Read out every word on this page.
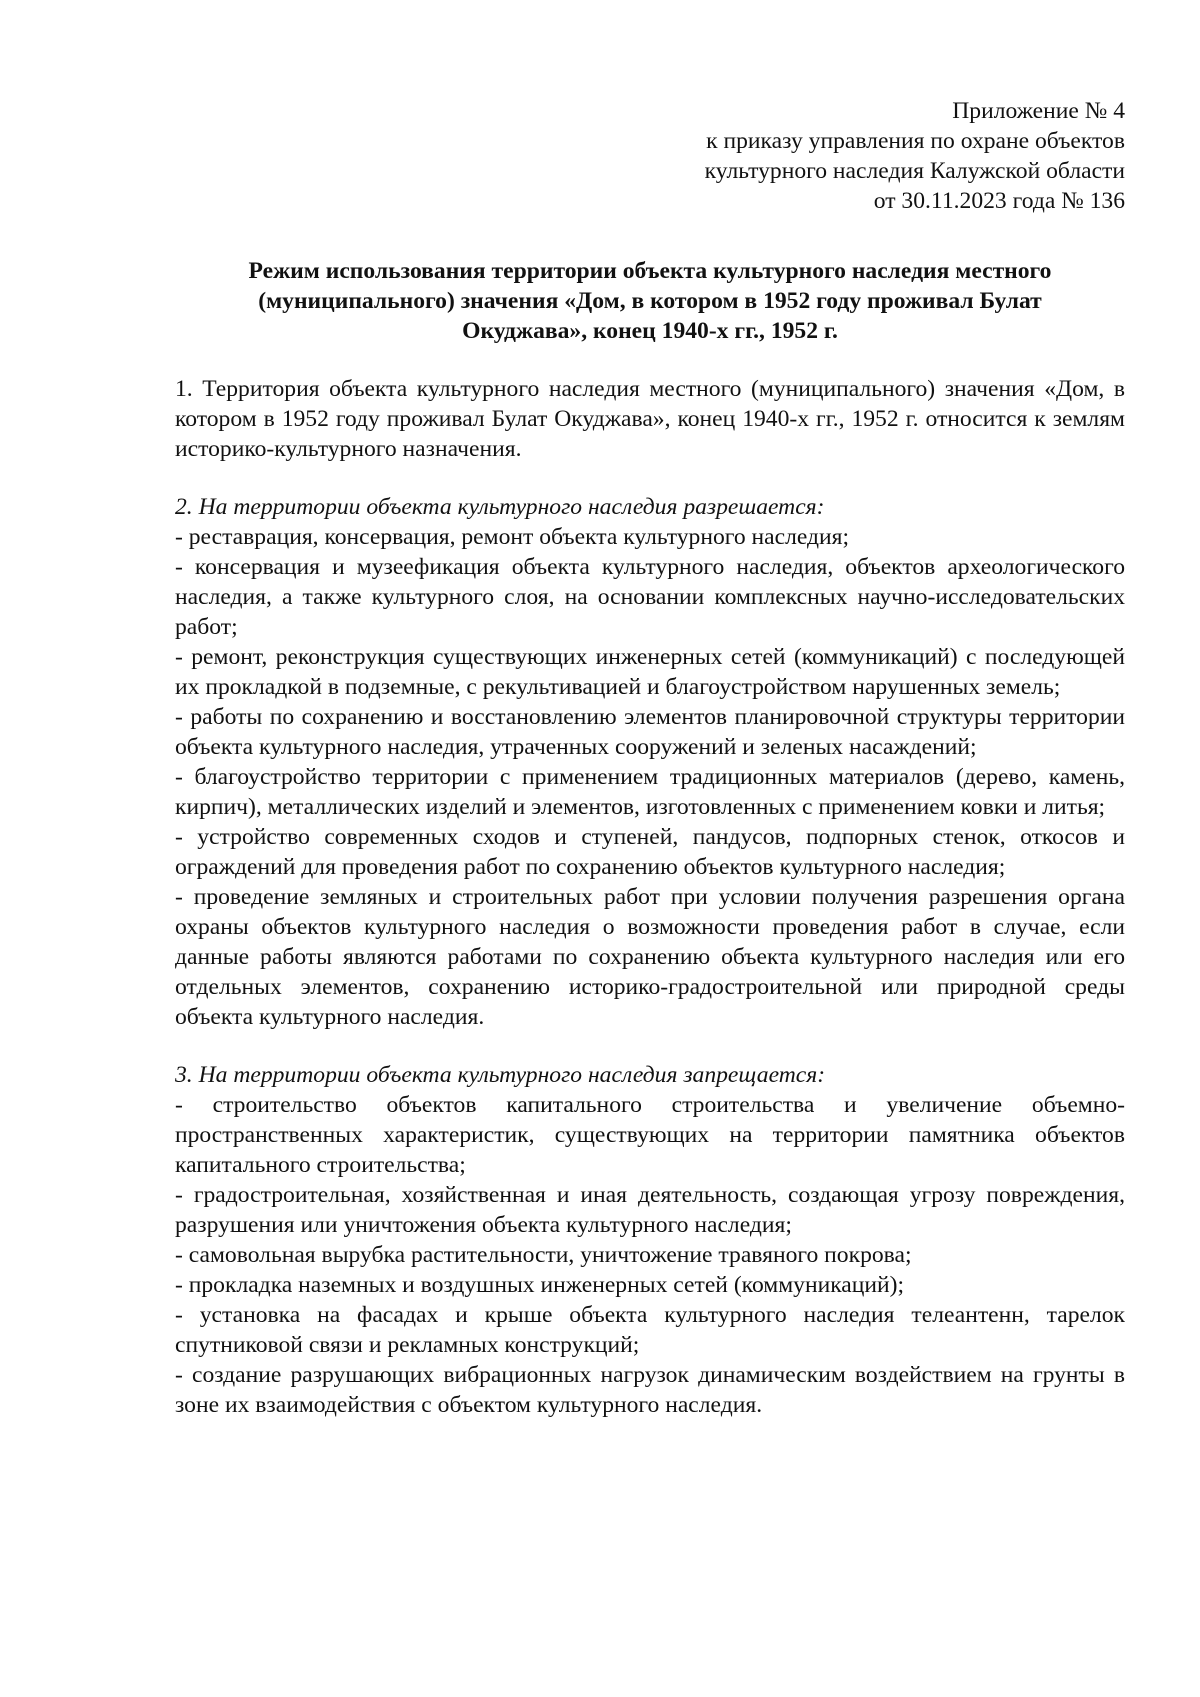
Приложение № 4
к приказу управления по охране объектов
культурного наследия Калужской области
от 30.11.2023 года № 136
Режим использования территории объекта культурного наследия местного (муниципального) значения «Дом, в котором в 1952 году проживал Булат Окуджава», конец 1940-х гг., 1952 г.

1. Территория объекта культурного наследия местного (муниципального) значения «Дом, в котором в 1952 году проживал Булат Окуджава», конец 1940-х гг., 1952 г. относится к землям историко-культурного назначения.

2. На территории объекта культурного наследия разрешается:

- реставрация, консервация, ремонт объекта культурного наследия;

- консервация и музеефикация объекта культурного наследия, объектов археологического наследия, а также культурного слоя, на основании комплексных научно-исследовательских работ;

- ремонт, реконструкция существующих инженерных сетей (коммуникаций) с последующей их прокладкой в подземные, с рекультивацией и благоустройством нарушенных земель;

- работы по сохранению и восстановлению элементов планировочной структуры территории объекта культурного наследия, утраченных сооружений и зеленых насаждений;

- благоустройство территории с применением традиционных материалов (дерево, камень, кирпич), металлических изделий и элементов, изготовленных с применением ковки и литья;

- устройство современных сходов и ступеней, пандусов, подпорных стенок, откосов и ограждений для проведения работ по сохранению объектов культурного наследия;

- проведение земляных и строительных работ при условии получения разрешения органа охраны объектов культурного наследия о возможности проведения работ в случае, если данные работы являются работами по сохранению объекта культурного наследия или его отдельных элементов, сохранению историко-градостроительной или природной среды объекта культурного наследия.

3. На территории объекта культурного наследия запрещается:

- строительство объектов капитального строительства и увеличение объемно-пространственных характеристик, существующих на территории памятника объектов капитального строительства;

- градостроительная, хозяйственная и иная деятельность, создающая угрозу повреждения, разрушения или уничтожения объекта культурного наследия;

- самовольная вырубка растительности, уничтожение травяного покрова;

- прокладка наземных и воздушных инженерных сетей (коммуникаций);

- установка на фасадах и крыше объекта культурного наследия телеантенн, тарелок спутниковой связи и рекламных конструкций;

- создание разрушающих вибрационных нагрузок динамическим воздействием на грунты в зоне их взаимодействия с объектом культурного наследия.
